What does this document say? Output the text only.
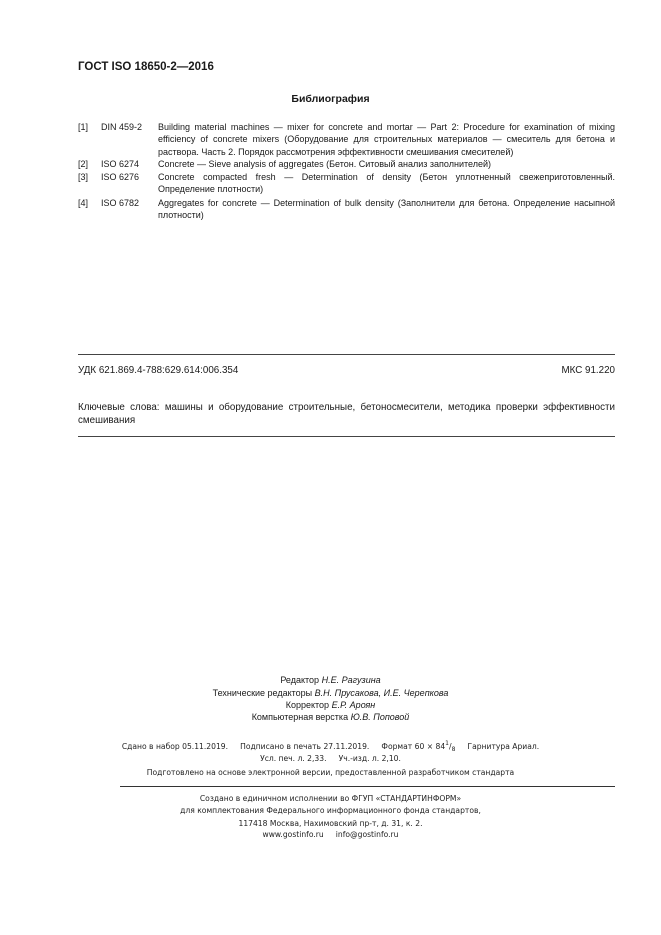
ГОСТ ISO 18650-2—2016
Библиография
[1] DIN 459-2 Building material machines — mixer for concrete and mortar — Part 2: Procedure for examination of mixing efficiency of concrete mixers (Оборудование для строительных материалов — смеситель для бетона и раствора. Часть 2. Порядок рассмотрения эффективности смешивания смесителей)
[2] ISO 6274 Concrete — Sieve analysis of aggregates (Бетон. Ситовый анализ заполнителей)
[3] ISO 6276 Concrete compacted fresh — Determination of density (Бетон уплотненный свежеприготовленный. Определение плотности)
[4] ISO 6782 Aggregates for concrete — Determination of bulk density (Заполнители для бетона. Определение насыпной плотности)
УДК 621.869.4-788:629.614:006.354	МКС 91.220
Ключевые слова: машины и оборудование строительные, бетоносмесители, методика проверки эффективности смешивания
Редактор Н.Е. Рагузина
Технические редакторы В.Н. Прусакова, И.Е. Черепкова
Корректор Е.Р. Ароян
Компьютерная верстка Ю.В. Поповой
Сдано в набор 05.11.2019. Подписано в печать 27.11.2019. Формат $60 \times 84^1/_8$ Гарнитура Ариал.
Усл. печ. л. 2,33. Уч.-изд. л. 2,10.
Подготовлено на основе электронной версии, предоставленной разработчиком стандарта
Создано в единичном исполнении во ФГУП «СТАНДАРТИНФОРМ»
для комплектования Федерального информационного фонда стандартов,
117418 Москва, Нахимовский пр-т, д. 31, к. 2.
www.gostinfo.ru info@gostinfo.ru
